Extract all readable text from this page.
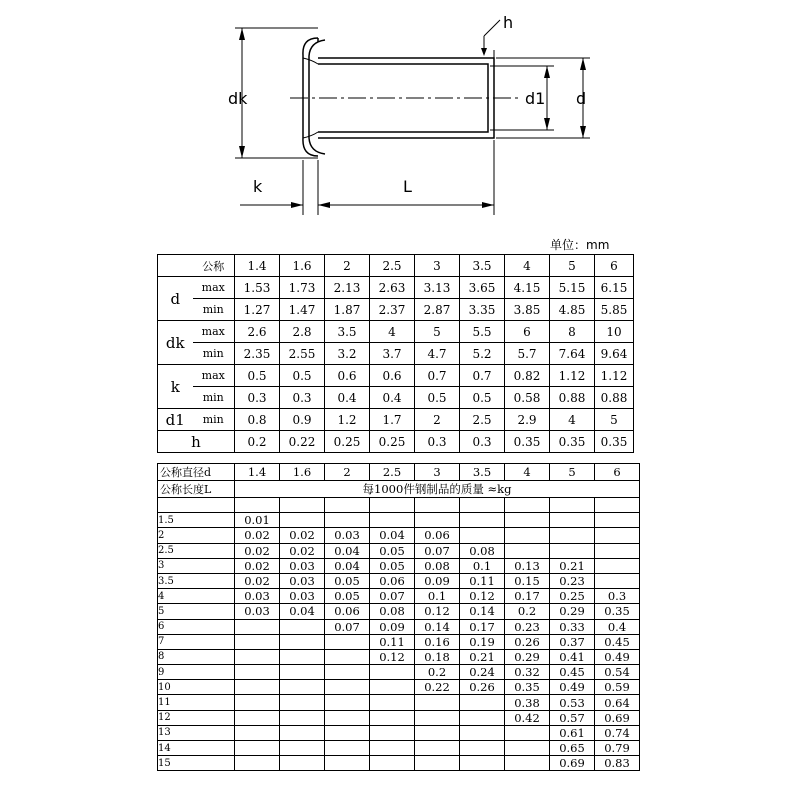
h
dk	d1 d
k	L
单位：mm
	公称	1.4	1.6	2	2.5	3	3.5	4	5	6
d	max	1.53	1.73	2.13	2.63	3.13	3.65	4.15	5.15	6.15
	min	1.27	1.47	1.87	2.37	2.87	3.35	3.85	4.85	5.85
dk	max	2.6	2.8	3.5	4	5	5.5	6	8	10
	min	2.35	2.55	3.2	3.7	4.7	5.2	5.7	7.64	9.64
k	max	0.5	0.5	0.6	0.6	0.7	0.7	0.82	1.12	1.12
	min	0.3	0.3	0.4	0.4	0.5	0.5	0.58	0.88	0.88
d1	min	0.8	0.9	1.2	1.7	2	2.5	2.9	4	5
h		0.2	0.22	0.25	0.25	0.3	0.3	0.35	0.35	0.35
公称直径d	1.4	1.6	2	2.5	3	3.5	4	5	6
公称长度L	每1000件钢制品的质量 ≈kg								

1.5	0.01								
2	0.02	0.02	0.03	0.04	0.06				
2.5	0.02	0.02	0.04	0.05	0.07	0.08			
3	0.02	0.03	0.04	0.05	0.08	0.1	0.13	0.21	
3.5	0.02	0.03	0.05	0.06	0.09	0.11	0.15	0.23	
4	0.03	0.03	0.05	0.07	0.1	0.12	0.17	0.25	0.3
5	0.03	0.04	0.06	0.08	0.12	0.14	0.2	0.29	0.35
6			0.07	0.09	0.14	0.17	0.23	0.33	0.4
7				0.11	0.16	0.19	0.26	0.37	0.45
8				0.12	0.18	0.21	0.29	0.41	0.49
9					0.2	0.24	0.32	0.45	0.54
10					0.22	0.26	0.35	0.49	0.59
11							0.38	0.53	0.64
12							0.42	0.57	0.69
13								0.61	0.74
14								0.65	0.79
15								0.69	0.83
